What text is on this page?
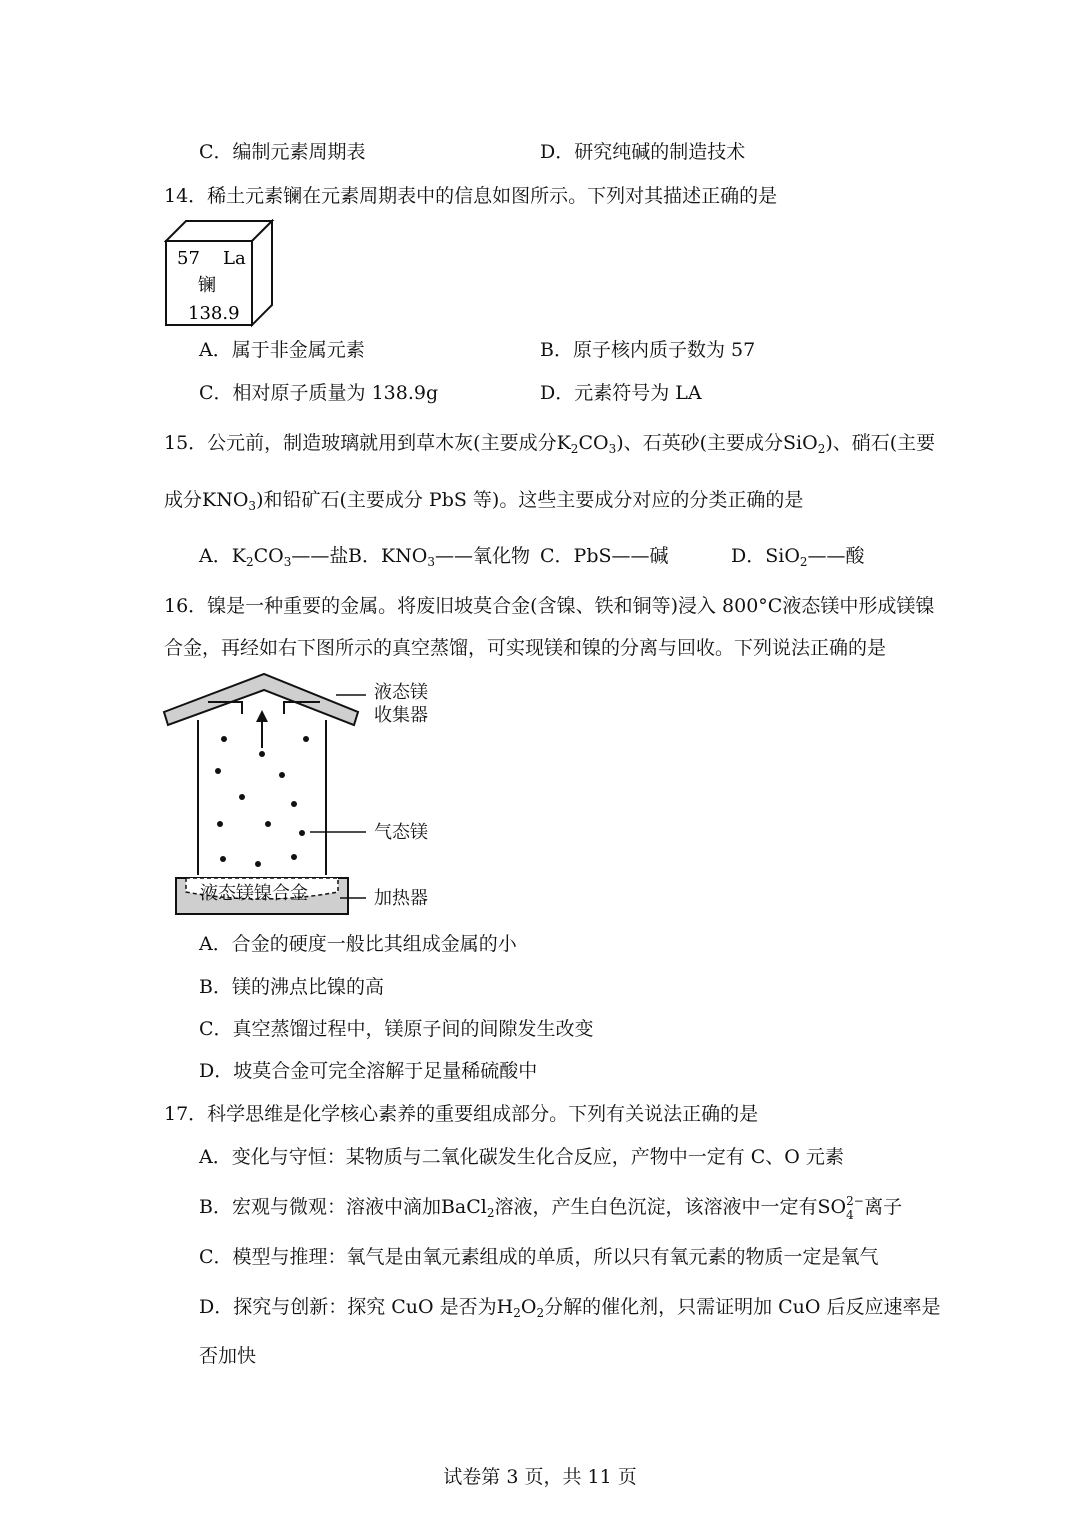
C．编制元素周期表	D．研究纯碱的制造技术
14．稀土元素镧在元素周期表中的信息如图所示。下列对其描述正确的是
57 La
镧
138.9
A．属于非金属元素	B．原子核内质子数为 57
C．相对原子质量为 138.9g	D．元素符号为 LA
15．公元前，制造玻璃就用到草木灰(主要成分$K_2CO_3$)、石英砂(主要成分SiO$_2$)、硝石(主要
成分$KNO_3$)和铅矿石(主要成分 PbS 等)。这些主要成分对应的分类正确的是
A．$K_2CO_3——$盐 B．$KNO_3——$氧化物 C．PbS——碱	D．SiO$_2$——酸
16．镍是一种重要的金属。将废旧坡莫合金(含镍、铁和铜等)浸入 800°C液态镁中形成镁镍
合金，再经如右下图所示的真空蒸馏，可实现镁和镍的分离与回收。下列说法正确的是
液态镁镍合金
液态镁
收集器
气态镁
加热器
A．合金的硬度一般比其组成金属的小
B．镁的沸点比镍的高
C．真空蒸馏过程中，镁原子间的间隙发生改变
D．坡莫合金可完全溶解于足量稀硫酸中
17．科学思维是化学核心素养的重要组成部分。下列有关说法正确的是
A．变化与守恒：某物质与二氧化碳发生化合反应，产物中一定有 C、O 元素
B．宏观与微观：溶液中滴加BaCl$_2$溶液，产生白色沉淀，该溶液中一定有SO 2−
4 离子
C．模型与推理：氧气是由氧元素组成的单质，所以只有氧元素的物质一定是氧气
D．探究与创新：探究 CuO 是否为$H_2O_2$分解的催化剂，只需证明加 CuO 后反应速率是
否加快
试卷第 3 页，共 11 页
